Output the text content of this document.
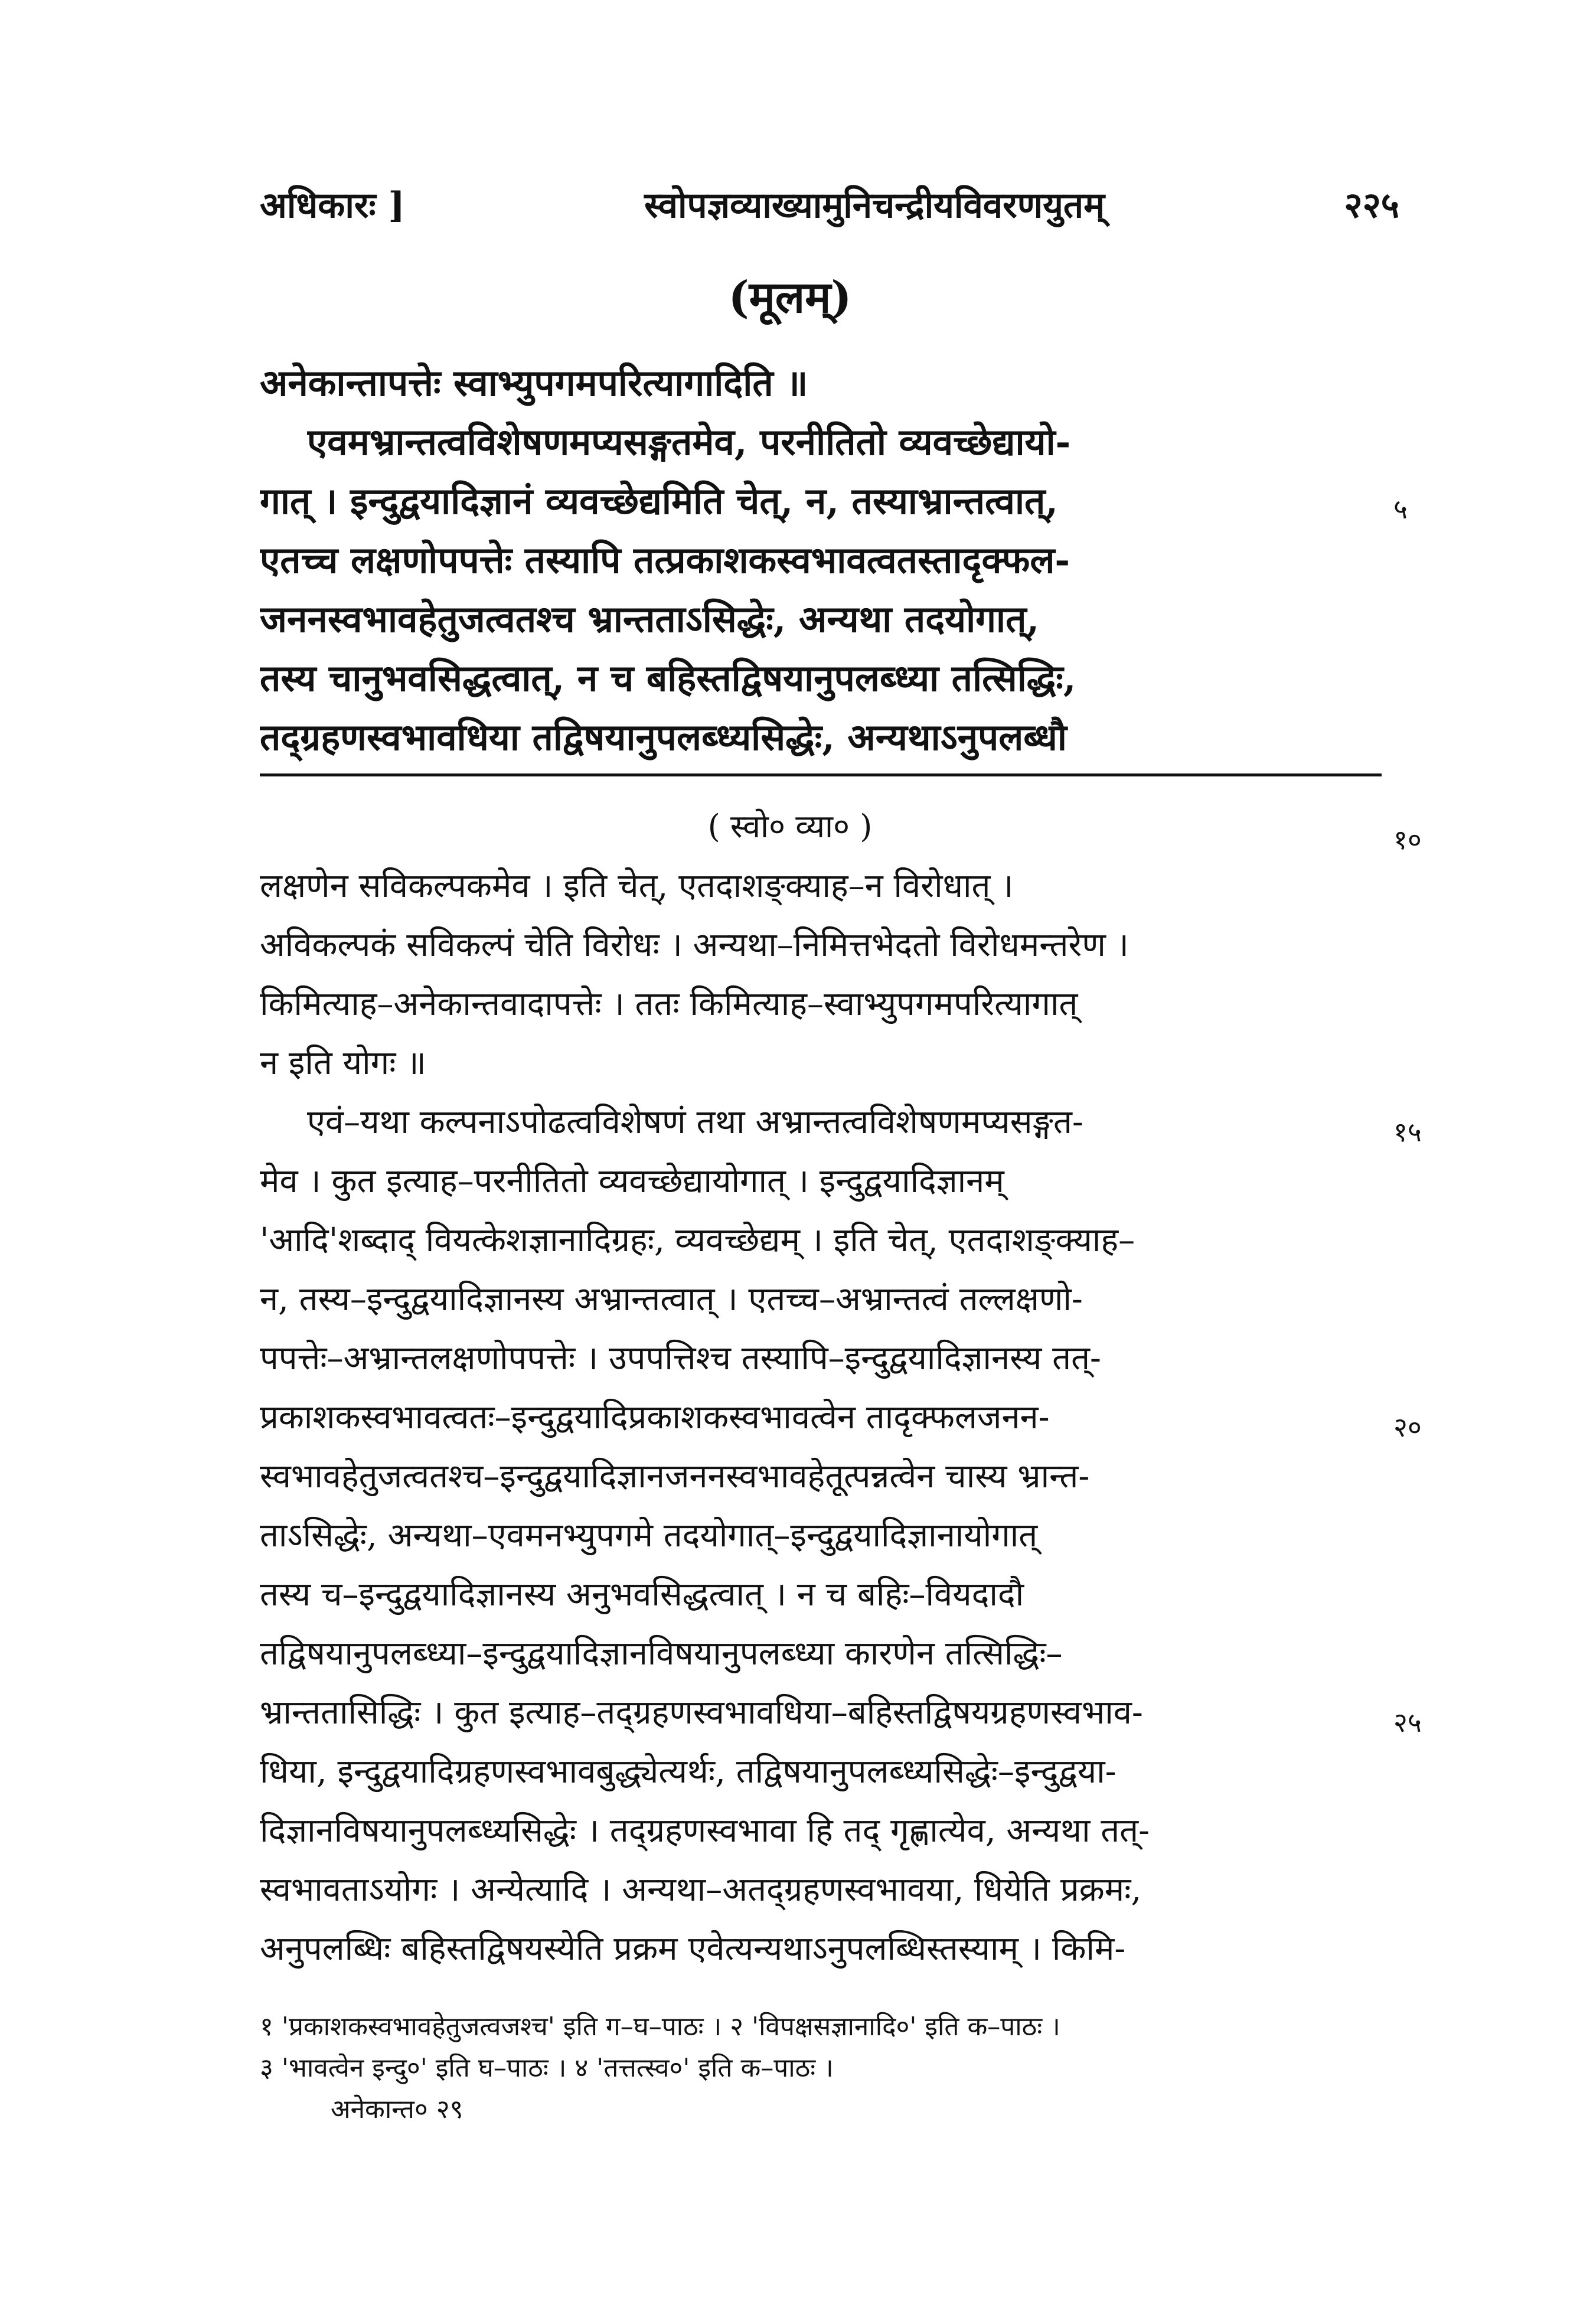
अधिकारः ]	स्वोपज्ञव्याख्यामुनिचन्द्रीयविवरणयुतम्	२२५
(मूलम्)
अनेकान्तापत्तेः स्वाभ्युपगमपरित्यागादिति ॥
एवमभ्रान्तत्वविशेषणमप्यसङ्गतमेव, परनीतितो व्यवच्छेद्यायो-
गात् । इन्दुद्वयादिज्ञानं व्यवच्छेद्यमिति चेत्, न, तस्याभ्रान्तत्वात्,
एतच्च लक्षणोपपत्तेः तस्यापि तत्प्रकाशकस्वभावत्वतस्तादृक्फल-
जननस्वभावहेतुजत्वतश्च भ्रान्तताऽसिद्धेः, अन्यथा तदयोगात्,
तस्य चानुभवसिद्धत्वात्, न च बहिस्तद्विषयानुपलब्ध्या तत्सिद्धिः,
तद्ग्रहणस्वभावधिया तद्विषयानुपलब्ध्यसिद्धेः, अन्यथाऽनुपलब्धौ
( स्वो० व्या० )
लक्षणेन सविकल्पकमेव । इति चेत्, एतदाशङ्क्याह–न विरोधात् ।
अविकल्पकं सविकल्पं चेति विरोधः । अन्यथा–निमित्तभेदतो विरोधमन्तरेण ।
किमित्याह–अनेकान्तवादापत्तेः । ततः किमित्याह–स्वाभ्युपगमपरित्यागात्
न इति योगः ॥
एवं–यथा कल्पनाऽपोढत्वविशेषणं तथा अभ्रान्तत्वविशेषणमप्यसङ्गत-
मेव । कुत इत्याह–परनीतितो व्यवच्छेद्यायोगात् । इन्दुद्वयादिज्ञानम्
'आदि'शब्दाद् वियत्केशज्ञानादिग्रहः, व्यवच्छेद्यम् । इति चेत्, एतदाशङ्क्याह–
न, तस्य–इन्दुद्वयादिज्ञानस्य अभ्रान्तत्वात् । एतच्च–अभ्रान्तत्वं तल्लक्षणो-
पपत्तेः–अभ्रान्तलक्षणोपपत्तेः । उपपत्तिश्च तस्यापि–इन्दुद्वयादिज्ञानस्य तत्-
प्रकाशकस्वभावत्वतः–इन्दुद्वयादिप्रकाशकस्वभावत्वेन तादृक्फलजनन-
स्वभावहेतुजत्वतश्च–इन्दुद्वयादिज्ञानजननस्वभावहेतूत्पन्नत्वेन चास्य भ्रान्त-
ताऽसिद्धेः, अन्यथा–एवमनभ्युपगमे तदयोगात्–इन्दुद्वयादिज्ञानायोगात्
तस्य च–इन्दुद्वयादिज्ञानस्य अनुभवसिद्धत्वात् । न च बहिः–वियदादौ
तद्विषयानुपलब्ध्या–इन्दुद्वयादिज्ञानविषयानुपलब्ध्या कारणेन तत्सिद्धिः–
भ्रान्ततासिद्धिः । कुत इत्याह–तद्ग्रहणस्वभावधिया–बहिस्तद्विषयग्रहणस्वभाव-
धिया, इन्दुद्वयादिग्रहणस्वभावबुद्ध्येत्यर्थः, तद्विषयानुपलब्ध्यसिद्धेः–इन्दुद्वया-
दिज्ञानविषयानुपलब्ध्यसिद्धेः । तद्ग्रहणस्वभावा हि तद् गृह्णात्येव, अन्यथा तत्-
स्वभावताऽयोगः । अन्येत्यादि । अन्यथा–अतद्ग्रहणस्वभावया, धियेति प्रक्रमः,
अनुपलब्धिः बहिस्तद्विषयस्येति प्रक्रम एवेत्यन्यथाऽनुपलब्धिस्तस्याम् । किमि-
५
१०
१५
२०
२५
१ 'प्रकाशकस्वभावहेतुजत्वजश्च' इति ग–घ–पाठः । २ 'विपक्षसज्ञानादि०' इति क–पाठः ।
३ 'भावत्वेन इन्दु०' इति घ–पाठः । ४ 'तत्तत्स्व०' इति क–पाठः ।
अनेकान्त० २९
